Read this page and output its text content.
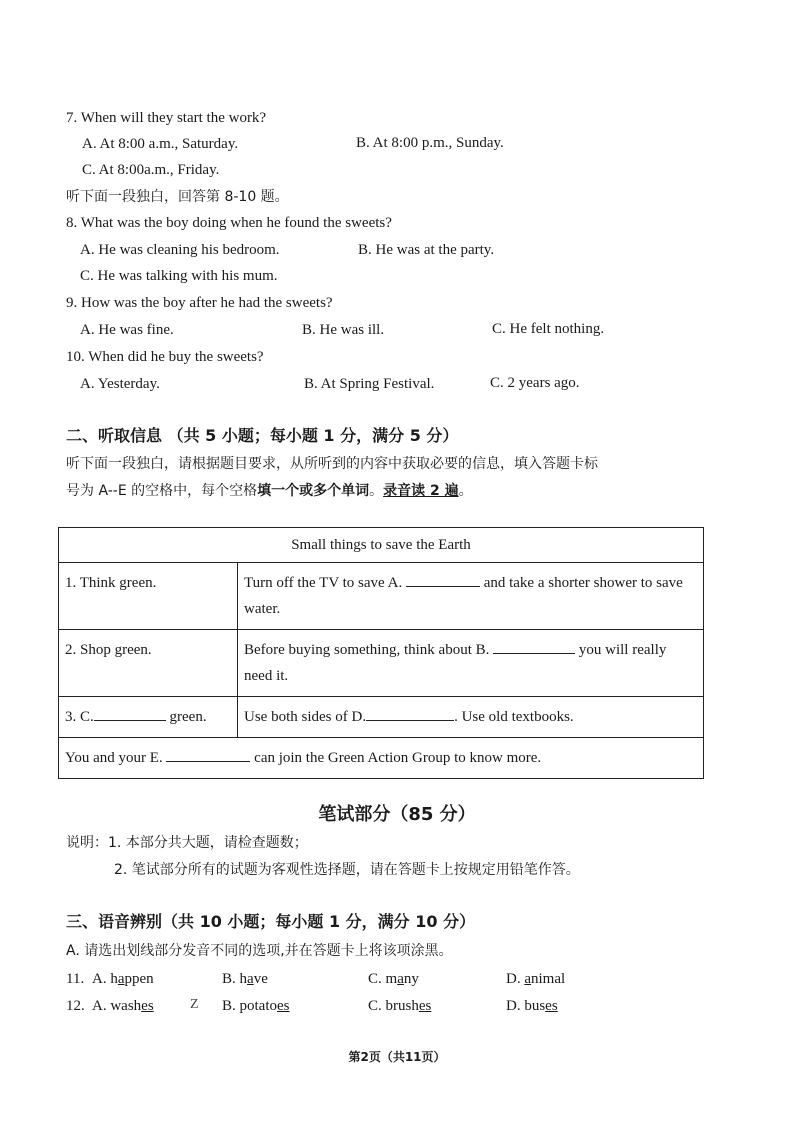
7. When will they start the work?
A. At 8:00 a.m., Saturday.	B. At 8:00 p.m., Sunday.
C. At 8:00a.m., Friday.
听下面一段独白，回答第 8-10 题。
8. What was the boy doing when he found the sweets?
A. He was cleaning his bedroom.	B. He was at the party.
C. He was talking with his mum.
9. How was the boy after he had the sweets?
A. He was fine.	B. He was ill.	C. He felt nothing.
10. When did he buy the sweets?
A. Yesterday.	B. At Spring Festival.	C. 2 years ago.
二、听取信息 （共 5 小题；每小题 1 分，满分 5 分）
听下面一段独白，请根据题目要求，从所听到的内容中获取必要的信息，填入答题卡标
号为 A--E 的空格中，每个空格填一个或多个单词。录音读 2 遍。
Small things to save the Earth	
1. Think green.	Turn off the TV to save A. and take a shorter shower to save water.
2. Shop green.	Before buying something, think about B. you will really need it.
3. C. green.	Use both sides of D. . Use old textbooks.
You and your E. can join the Green Action Group to know more.	
笔试部分（85 分）
说明：1. 本部分共大题，请检查题数；
2. 笔试部分所有的试题为客观性选择题，请在答题卡上按规定用铅笔作答。
三、语音辨别（共 10 小题；每小题 1 分，满分 10 分）
A. 请选出划线部分发音不同的选项,并在答题卡上将该项涂黑。
11. A. happen	B. have	C. many	D. animal
12. A. washes	Z B. potatoes	C. brushes	D. buses
第2页（共11页）
